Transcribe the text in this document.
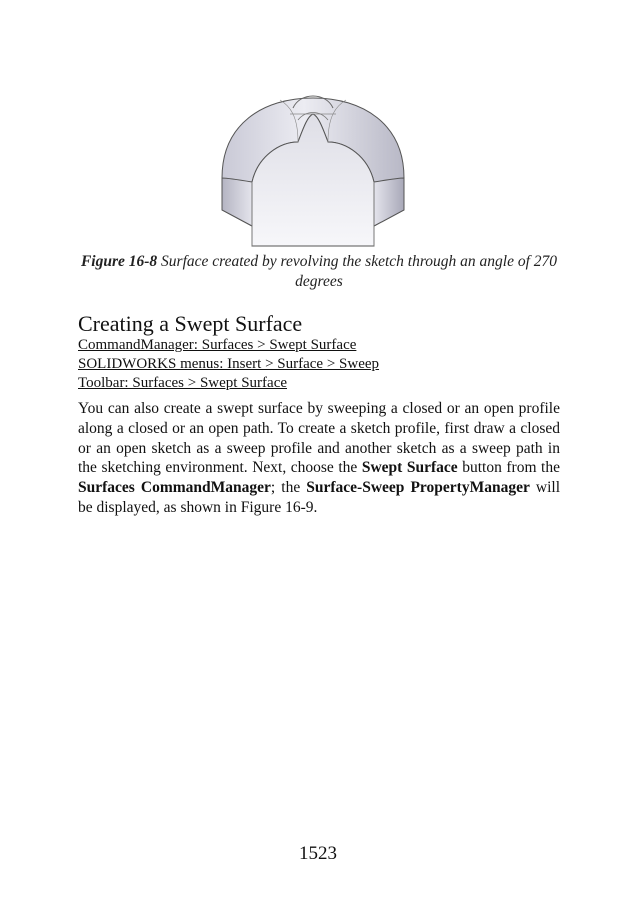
Figure 16-8 Surface created by revolving the sketch through an angle of 270 degrees
Creating a Swept Surface
CommandManager: Surfaces > Swept Surface
SOLIDWORKS menus: Insert > Surface > Sweep
Toolbar: Surfaces > Swept Surface

You can also create a swept surface by sweeping a closed or an open profile along a closed or an open path. To create a sketch profile, first draw a closed or an open sketch as a sweep profile and another sketch as a sweep path in the sketching environment. Next, choose the Swept Surface button from the Surfaces CommandManager; the Surface-Sweep PropertyManager will be displayed, as shown in Figure 16-9.

1523
